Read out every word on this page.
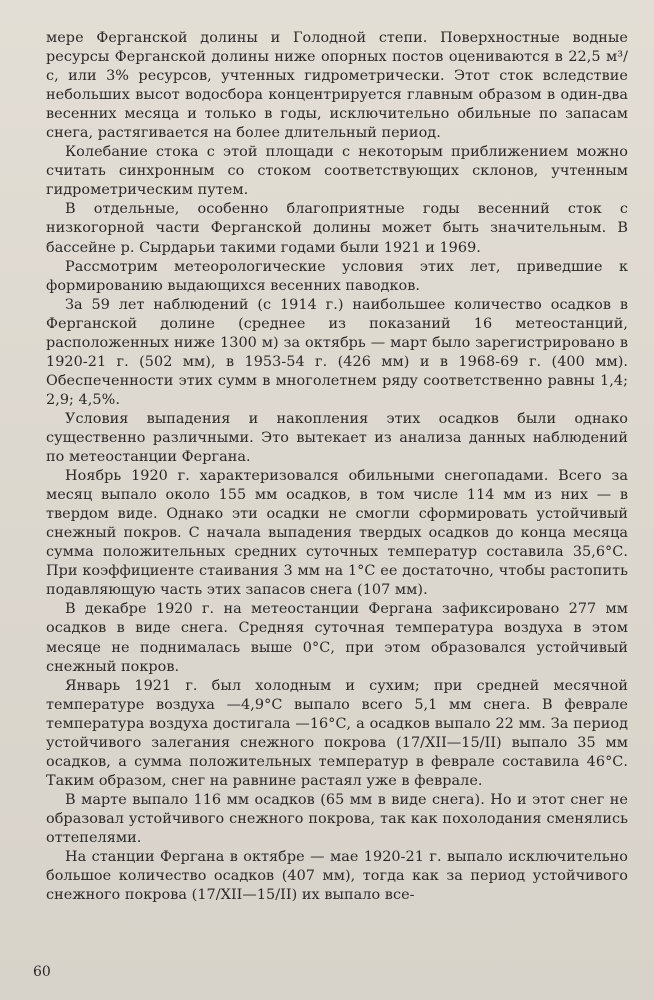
мере Ферганской долины и Голодной степи. Поверхностные водные ресурсы Ферганской долины ниже опорных постов оцениваются в 22,5 м³/с, или 3% ресурсов, учтенных гидрометрически. Этот сток вследствие небольших высот водосбора концентрируется главным образом в один-два весенних месяца и только в годы, исключительно обильные по запасам снега, растягивается на более длительный период.

Колебание стока с этой площади с некоторым приближением можно считать синхронным со стоком соответствующих склонов, учтенным гидрометрическим путем.

В отдельные, особенно благоприятные годы весенний сток с низкогорной части Ферганской долины может быть значительным. В бассейне р. Сырдарьи такими годами были 1921 и 1969.

Рассмотрим метеорологические условия этих лет, приведшие к формированию выдающихся весенних паводков.

За 59 лет наблюдений (с 1914 г.) наибольшее количество осадков в Ферганской долине (среднее из показаний 16 метеостанций, расположенных ниже 1300 м) за октябрь — март было зарегистрировано в 1920-21 г. (502 мм), в 1953-54 г. (426 мм) и в 1968-69 г. (400 мм). Обеспеченности этих сумм в многолетнем ряду соответственно равны 1,4; 2,9; 4,5%.

Условия выпадения и накопления этих осадков были однако существенно различными. Это вытекает из анализа данных наблюдений по метеостанции Фергана.

Ноябрь 1920 г. характеризовался обильными снегопадами. Всего за месяц выпало около 155 мм осадков, в том числе 114 мм из них — в твердом виде. Однако эти осадки не смогли сформировать устойчивый снежный покров. С начала выпадения твердых осадков до конца месяца сумма положительных средних суточных температур составила 35,6°С. При коэффициенте стаивания 3 мм на 1°С ее достаточно, чтобы растопить подавляющую часть этих запасов снега (107 мм).

В декабре 1920 г. на метеостанции Фергана зафиксировано 277 мм осадков в виде снега. Средняя суточная температура воздуха в этом месяце не поднималась выше 0°С, при этом образовался устойчивый снежный покров.

Январь 1921 г. был холодным и сухим; при средней месячной температуре воздуха —4,9°С выпало всего 5,1 мм снега. В феврале температура воздуха достигала —16°С, а осадков выпало 22 мм. За период устойчивого залегания снежного покрова (17/XII—15/II) выпало 35 мм осадков, а сумма положительных температур в феврале составила 46°С. Таким образом, снег на равнине растаял уже в феврале.

В марте выпало 116 мм осадков (65 мм в виде снега). Но и этот снег не образовал устойчивого снежного покрова, так как похолодания сменялись оттепелями.

На станции Фергана в октябре — мае 1920-21 г. выпало исключительно большое количество осадков (407 мм), тогда как за период устойчивого снежного покрова (17/XII—15/II) их выпало все-

60
